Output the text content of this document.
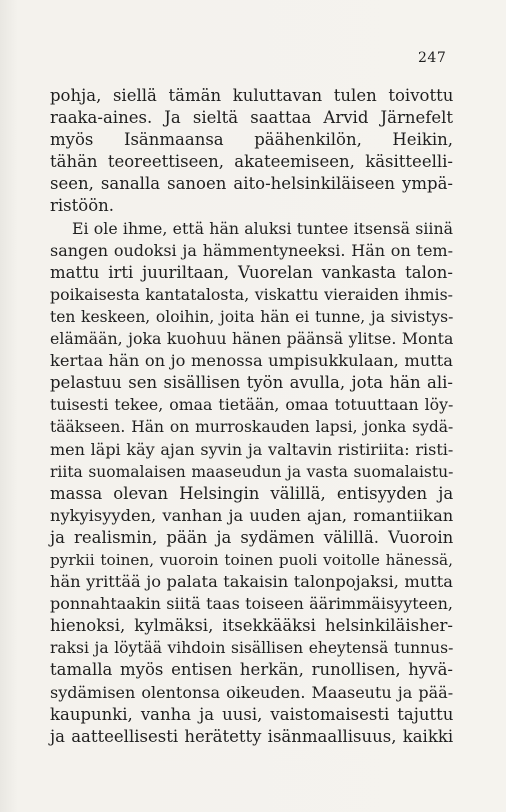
247
pohja, siellä tämän kuluttavan tulen toivottu
raaka-aines. Ja sieltä saattaa Arvid Järnefelt
myös Isänmaansa päähenkilön, Heikin,
tähän teoreettiseen, akateemiseen, käsitteelli-
seen, sanalla sanoen aito-helsinkiläiseen ympä-
ristöön.
Ei ole ihme, että hän aluksi tuntee itsensä siinä
sangen oudoksi ja hämmentyneeksi. Hän on tem-
mattu irti juuriltaan, Vuorelan vankasta talon-
poikaisesta kantatalosta, viskattu vieraiden ihmis-
ten keskeen, oloihin, joita hän ei tunne, ja sivistys-
elämään, joka kuohuu hänen päänsä ylitse. Monta
kertaa hän on jo menossa umpisukkulaan, mutta
pelastuu sen sisällisen työn avulla, jota hän ali-
tuisesti tekee, omaa tietään, omaa totuuttaan löy-
tääkseen. Hän on murroskauden lapsi, jonka sydä-
men läpi käy ajan syvin ja valtavin ristiriita: risti-
riita suomalaisen maaseudun ja vasta suomalaistu-
massa olevan Helsingin välillä, entisyyden ja
nykyisyyden, vanhan ja uuden ajan, romantiikan
ja realismin, pään ja sydämen välillä. Vuoroin
pyrkii toinen, vuoroin toinen puoli voitolle hänessä,
hän yrittää jo palata takaisin talonpojaksi, mutta
ponnahtaakin siitä taas toiseen äärimmäisyyteen,
hienoksi, kylmäksi, itsekkääksi helsinkiläisher-
raksi ja löytää vihdoin sisällisen eheytensä tunnus-
tamalla myös entisen herkän, runollisen, hyvä-
sydämisen olentonsa oikeuden. Maaseutu ja pää-
kaupunki, vanha ja uusi, vaistomaisesti tajuttu
ja aatteellisesti herätetty isänmaallisuus, kaikki
